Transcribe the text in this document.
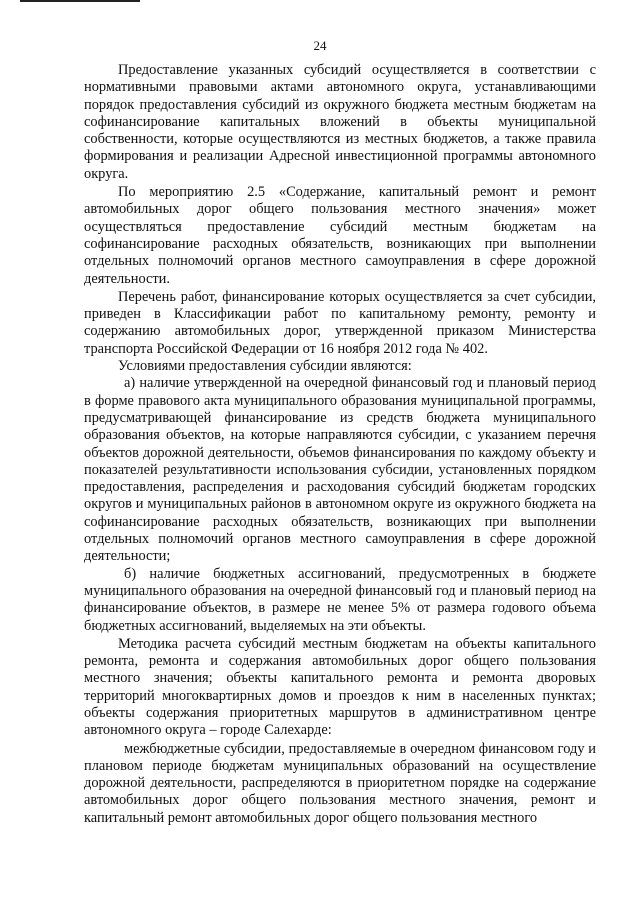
24

Предоставление указанных субсидий осуществляется в соответствии с нормативными правовыми актами автономного округа, устанавливающими порядок предоставления субсидий из окружного бюджета местным бюджетам на софинансирование капитальных вложений в объекты муниципальной собственности, которые осуществляются из местных бюджетов, а также правила формирования и реализации Адресной инвестиционной программы автономного округа.

По мероприятию 2.5 «Содержание, капитальный ремонт и ремонт автомобильных дорог общего пользования местного значения» может осуществляться предоставление субсидий местным бюджетам на софинансирование расходных обязательств, возникающих при выполнении отдельных полномочий органов местного самоуправления в сфере дорожной деятельности.

Перечень работ, финансирование которых осуществляется за счет субсидии, приведен в Классификации работ по капитальному ремонту, ремонту и содержанию автомобильных дорог, утвержденной приказом Министерства транспорта Российской Федерации от 16 ноября 2012 года № 402.

Условиями предоставления субсидии являются:

а) наличие утвержденной на очередной финансовый год и плановый период в форме правового акта муниципального образования муниципальной программы, предусматривающей финансирование из средств бюджета муниципального образования объектов, на которые направляются субсидии, с указанием перечня объектов дорожной деятельности, объемов финансирования по каждому объекту и показателей результативности использования субсидии, установленных порядком предоставления, распределения и расходования субсидий бюджетам городских округов и муниципальных районов в автономном округе из окружного бюджета на софинансирование расходных обязательств, возникающих при выполнении отдельных полномочий органов местного самоуправления в сфере дорожной деятельности;

б) наличие бюджетных ассигнований, предусмотренных в бюджете муниципального образования на очередной финансовый год и плановый период на финансирование объектов, в размере не менее 5% от размера годового объема бюджетных ассигнований, выделяемых на эти объекты.

Методика расчета субсидий местным бюджетам на объекты капитального ремонта, ремонта и содержания автомобильных дорог общего пользования местного значения; объекты капитального ремонта и ремонта дворовых территорий многоквартирных домов и проездов к ним в населенных пунктах; объекты содержания приоритетных маршрутов в административном центре автономного округа – городе Салехарде:

межбюджетные субсидии, предоставляемые в очередном финансовом году и плановом периоде бюджетам муниципальных образований на осуществление дорожной деятельности, распределяются в приоритетном порядке на содержание автомобильных дорог общего пользования местного значения, ремонт и капитальный ремонт автомобильных дорог общего пользования местного
